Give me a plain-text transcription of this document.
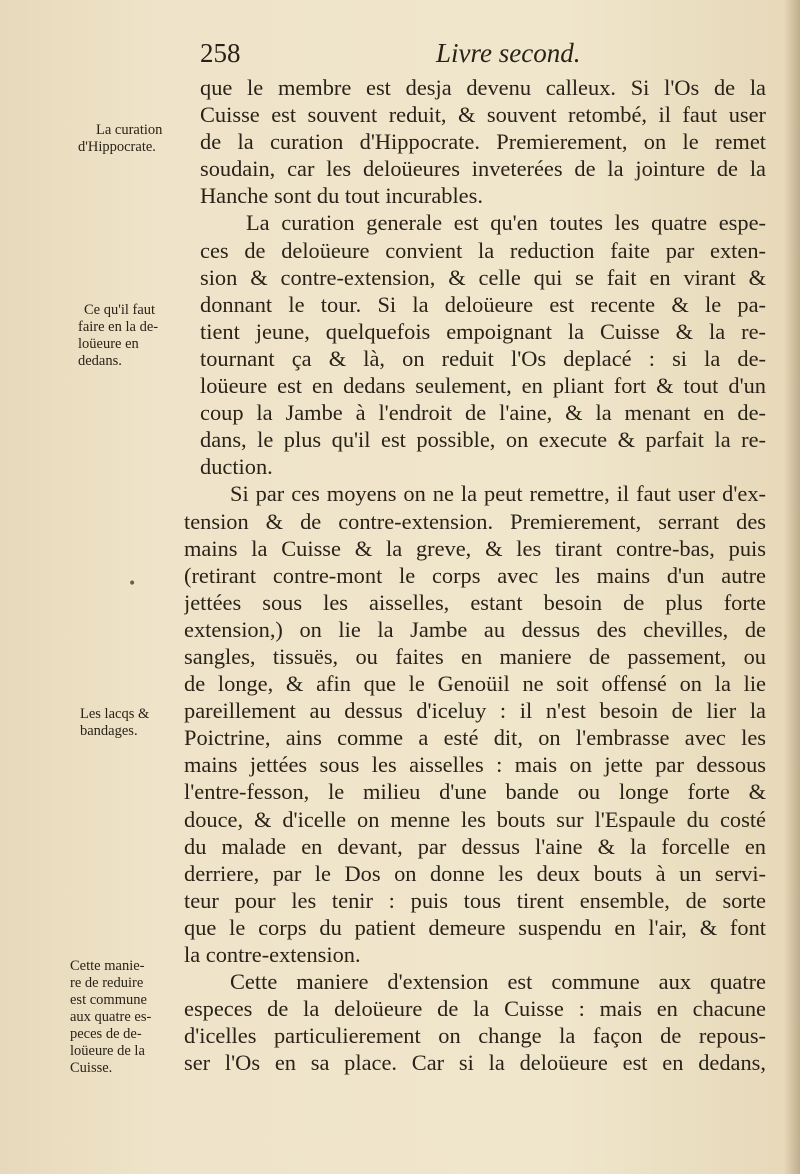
258	Livre second.
La curation
d'Hippocrate.
Ce qu'il faut
faire en la de-
loüeure en
dedans.
•
Les lacqs &
bandages.
Cette manie-
re de reduire
est commune
aux quatre es-
peces de de-
loüeure de la
Cuisse.

que le membre est desja devenu calleux. Si l'Os de la
Cuisse est souvent reduit, & souvent retombé, il faut user
de la curation d'Hippocrate. Premierement, on le remet
soudain, car les deloüeures inveterées de la jointure de la
Hanche sont du tout incurables.

La curation generale est qu'en toutes les quatre espe-
ces de deloüeure convient la reduction faite par exten-
sion & contre-extension, & celle qui se fait en virant &
donnant le tour. Si la deloüeure est recente & le pa-
tient jeune, quelquefois empoignant la Cuisse & la re-
tournant ça & là, on reduit l'Os deplacé : si la de-
loüeure est en dedans seulement, en pliant fort & tout d'un
coup la Jambe à l'endroit de l'aine, & la menant en de-
dans, le plus qu'il est possible, on execute & parfait la re-
duction.

Si par ces moyens on ne la peut remettre, il faut user d'ex-
tension & de contre-extension. Premierement, serrant des
mains la Cuisse & la greve, & les tirant contre-bas, puis
(retirant contre-mont le corps avec les mains d'un autre
jettées sous les aisselles, estant besoin de plus forte
extension,) on lie la Jambe au dessus des chevilles, de
sangles, tissuës, ou faites en maniere de passement, ou
de longe, & afin que le Genoüil ne soit offensé on la lie
pareillement au dessus d'iceluy : il n'est besoin de lier la
Poictrine, ains comme a esté dit, on l'embrasse avec les
mains jettées sous les aisselles : mais on jette par dessous
l'entre-fesson, le milieu d'une bande ou longe forte &
douce, & d'icelle on menne les bouts sur l'Espaule du costé
du malade en devant, par dessus l'aine & la forcelle en
derriere, par le Dos on donne les deux bouts à un servi-
teur pour les tenir : puis tous tirent ensemble, de sorte
que le corps du patient demeure suspendu en l'air, & font
la contre-extension.

Cette maniere d'extension est commune aux quatre
especes de la deloüeure de la Cuisse : mais en chacune
d'icelles particulierement on change la façon de repous-
ser l'Os en sa place. Car si la deloüeure est en dedans,
